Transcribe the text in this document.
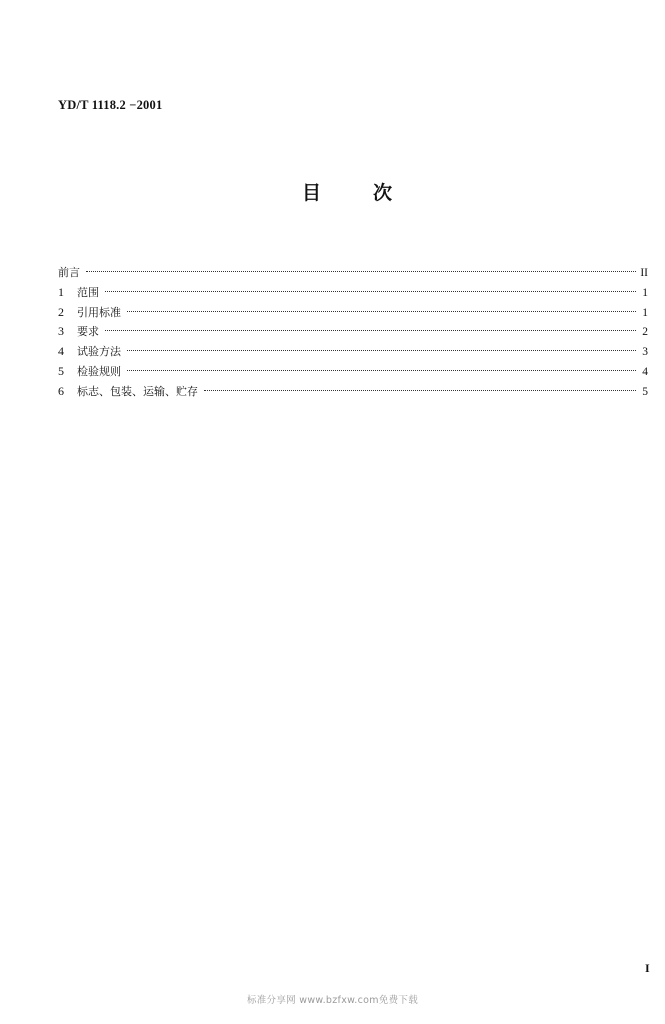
YD/T 1118.2 −2001
目	次
前言	II
1	范围	1
2	引用标准	1
3	要求	2
4	试验方法	3
5	检验规则	4
6	标志、包装、运输、贮存	5
I
标准分享网 www.bzfxw.com免费下载
